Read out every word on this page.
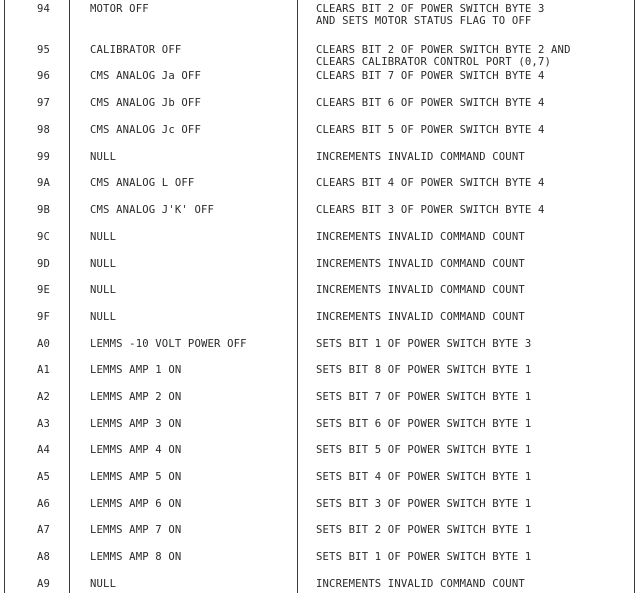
94	MOTOR OFF	CLEARS BIT 2 OF POWER SWITCH BYTE 3
AND SETS MOTOR STATUS FLAG TO OFF
95	CALIBRATOR OFF	CLEARS BIT 2 OF POWER SWITCH BYTE 2 AND
CLEARS CALIBRATOR CONTROL PORT (0,7)
96	CMS ANALOG Ja OFF	CLEARS BIT 7 OF POWER SWITCH BYTE 4
97	CMS ANALOG Jb OFF	CLEARS BIT 6 OF POWER SWITCH BYTE 4
98	CMS ANALOG Jc OFF	CLEARS BIT 5 OF POWER SWITCH BYTE 4
99	NULL	INCREMENTS INVALID COMMAND COUNT
9A	CMS ANALOG L OFF	CLEARS BIT 4 OF POWER SWITCH BYTE 4
9B	CMS ANALOG J'K' OFF	CLEARS BIT 3 OF POWER SWITCH BYTE 4
9C	NULL	INCREMENTS INVALID COMMAND COUNT
9D	NULL	INCREMENTS INVALID COMMAND COUNT
9E	NULL	INCREMENTS INVALID COMMAND COUNT
9F	NULL	INCREMENTS INVALID COMMAND COUNT
A0	LEMMS -10 VOLT POWER OFF	SETS BIT 1 OF POWER SWITCH BYTE 3
A1	LEMMS AMP 1 ON	SETS BIT 8 OF POWER SWITCH BYTE 1
A2	LEMMS AMP 2 ON	SETS BIT 7 OF POWER SWITCH BYTE 1
A3	LEMMS AMP 3 ON	SETS BIT 6 OF POWER SWITCH BYTE 1
A4	LEMMS AMP 4 ON	SETS BIT 5 OF POWER SWITCH BYTE 1
A5	LEMMS AMP 5 ON	SETS BIT 4 OF POWER SWITCH BYTE 1
A6	LEMMS AMP 6 ON	SETS BIT 3 OF POWER SWITCH BYTE 1
A7	LEMMS AMP 7 ON	SETS BIT 2 OF POWER SWITCH BYTE 1
A8	LEMMS AMP 8 ON	SETS BIT 1 OF POWER SWITCH BYTE 1
A9	NULL	INCREMENTS INVALID COMMAND COUNT
